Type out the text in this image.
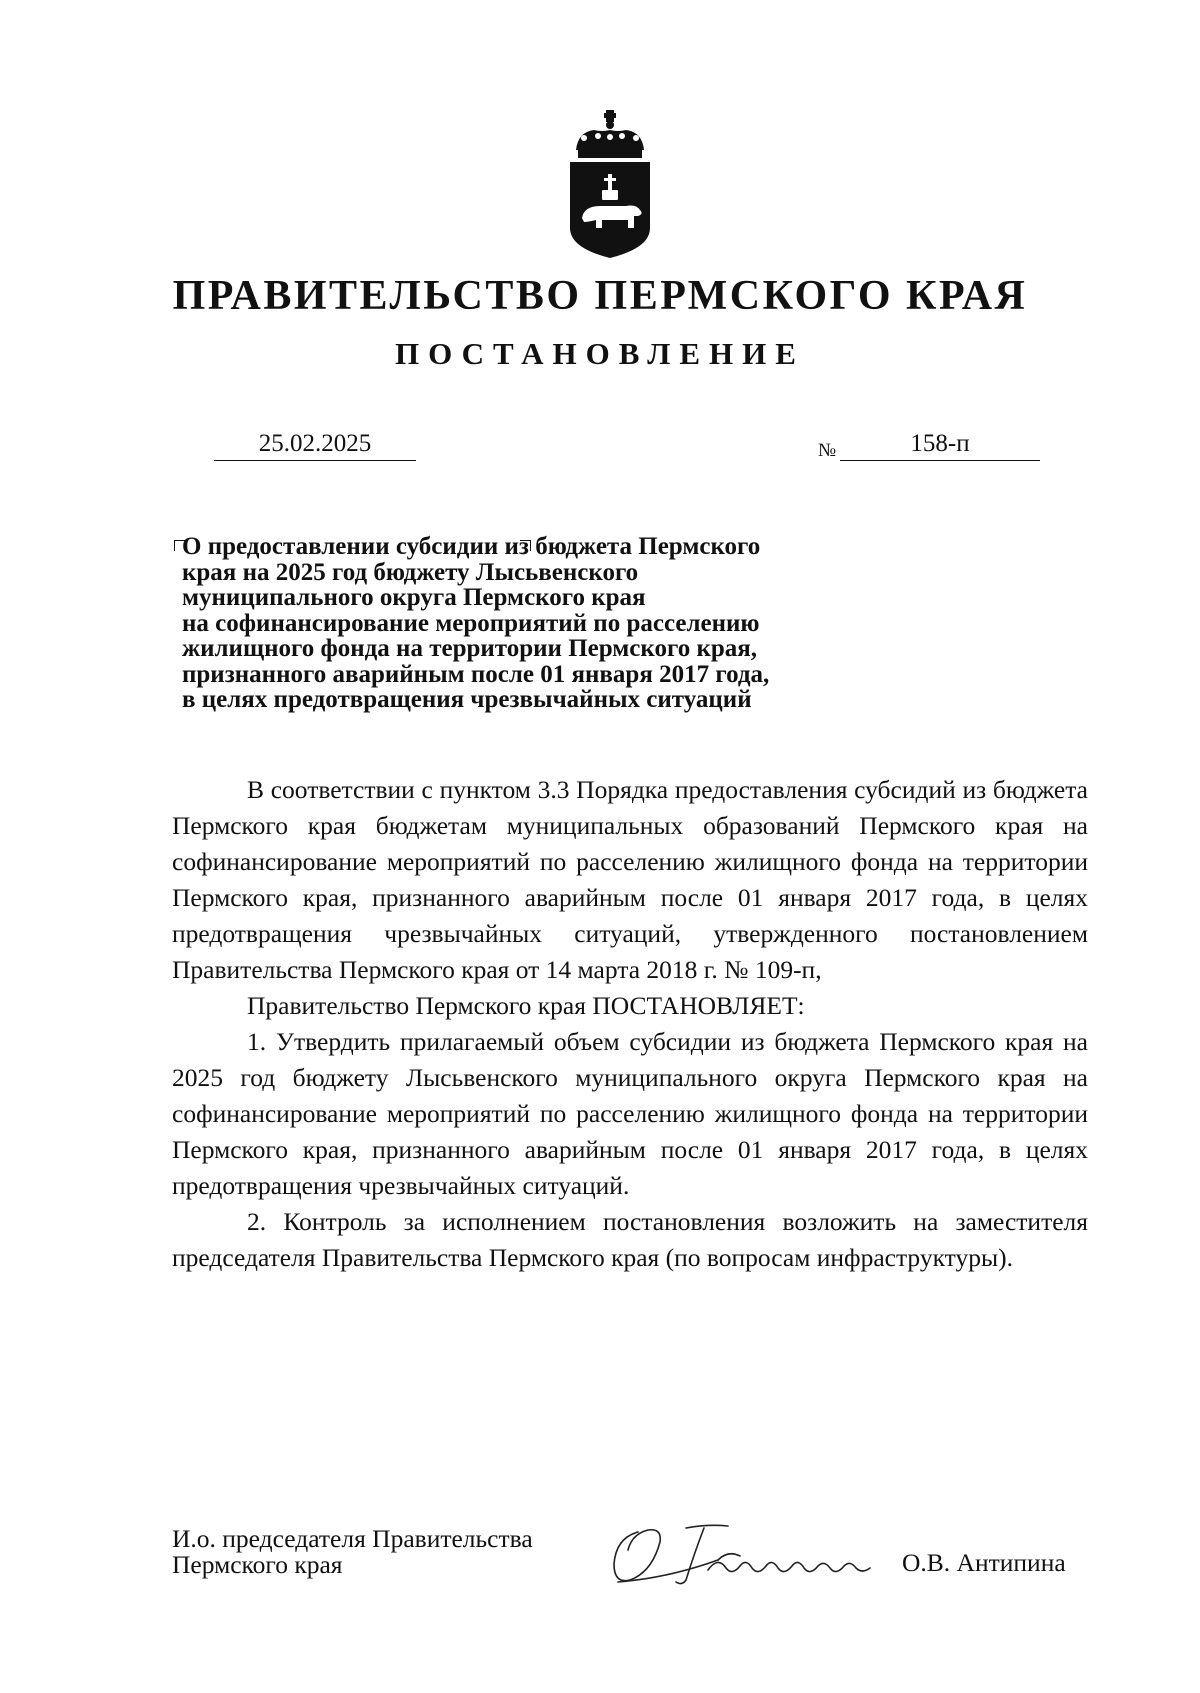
ПРАВИТЕЛЬСТВО ПЕРМСКОГО КРАЯ
ПОСТАНОВЛЕНИЕ
25.02.2025	№	158-п
О предоставлении субсидии из бюджета Пермского
края на 2025 год бюджету Лысьвенского
муниципального округа Пермского края
на софинансирование мероприятий по расселению
жилищного фонда на территории Пермского края,
признанного аварийным после 01 января 2017 года,
в целях предотвращения чрезвычайных ситуаций

В соответствии с пунктом 3.3 Порядка предоставления субсидий из бюджета Пермского края бюджетам муниципальных образований Пермского края на софинансирование мероприятий по расселению жилищного фонда на территории Пермского края, признанного аварийным после 01 января 2017 года, в целях предотвращения чрезвычайных ситуаций, утвержденного постановлением Правительства Пермского края от 14 марта 2018 г. № 109-п,

Правительство Пермского края ПОСТАНОВЛЯЕТ:

1. Утвердить прилагаемый объем субсидии из бюджета Пермского края на 2025 год бюджету Лысьвенского муниципального округа Пермского края на софинансирование мероприятий по расселению жилищного фонда на территории Пермского края, признанного аварийным после 01 января 2017 года, в целях предотвращения чрезвычайных ситуаций.

2. Контроль за исполнением постановления возложить на заместителя председателя Правительства Пермского края (по вопросам инфраструктуры).

И.о. председателя Правительства
Пермского края	О.В. Антипина
